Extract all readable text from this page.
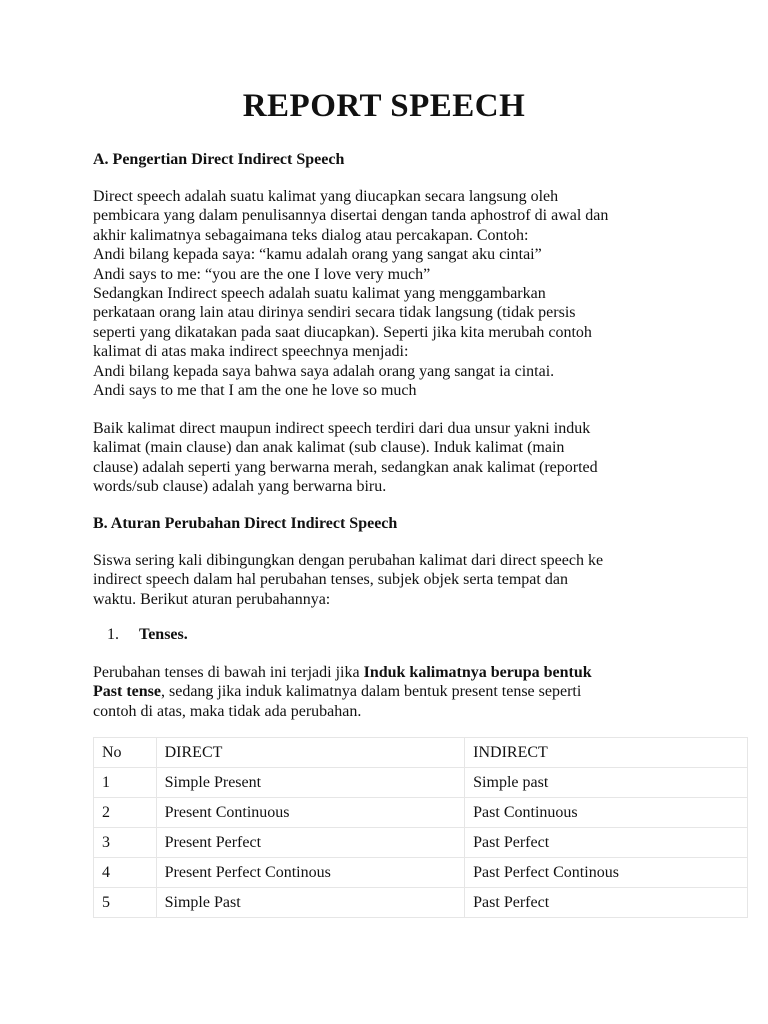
REPORT SPEECH
A. Pengertian Direct Indirect Speech
Direct speech adalah suatu kalimat yang diucapkan secara langsung oleh
pembicara yang dalam penulisannya disertai dengan tanda aphostrof di awal dan
akhir kalimatnya sebagaimana teks dialog atau percakapan. Contoh:
Andi bilang kepada saya: “kamu adalah orang yang sangat aku cintai”
Andi says to me: “you are the one I love very much”
Sedangkan Indirect speech adalah suatu kalimat yang menggambarkan
perkataan orang lain atau dirinya sendiri secara tidak langsung (tidak persis
seperti yang dikatakan pada saat diucapkan). Seperti jika kita merubah contoh
kalimat di atas maka indirect speechnya menjadi:
Andi bilang kepada saya bahwa saya adalah orang yang sangat ia cintai.
Andi says to me that I am the one he love so much
Baik kalimat direct maupun indirect speech terdiri dari dua unsur yakni induk
kalimat (main clause) dan anak kalimat (sub clause). Induk kalimat (main
clause) adalah seperti yang berwarna merah, sedangkan anak kalimat (reported
words/sub clause) adalah yang berwarna biru.
B. Aturan Perubahan Direct Indirect Speech
Siswa sering kali dibingungkan dengan perubahan kalimat dari direct speech ke
indirect speech dalam hal perubahan tenses, subjek objek serta tempat dan
waktu. Berikut aturan perubahannya:
1. Tenses.
Perubahan tenses di bawah ini terjadi jika Induk kalimatnya berupa bentuk
Past tense, sedang jika induk kalimatnya dalam bentuk present tense seperti
contoh di atas, maka tidak ada perubahan.
No	DIRECT	INDIRECT
1	Simple Present	Simple past
2	Present Continuous	Past Continuous
3	Present Perfect	Past Perfect
4	Present Perfect Continous	Past Perfect Continous
5	Simple Past	Past Perfect
